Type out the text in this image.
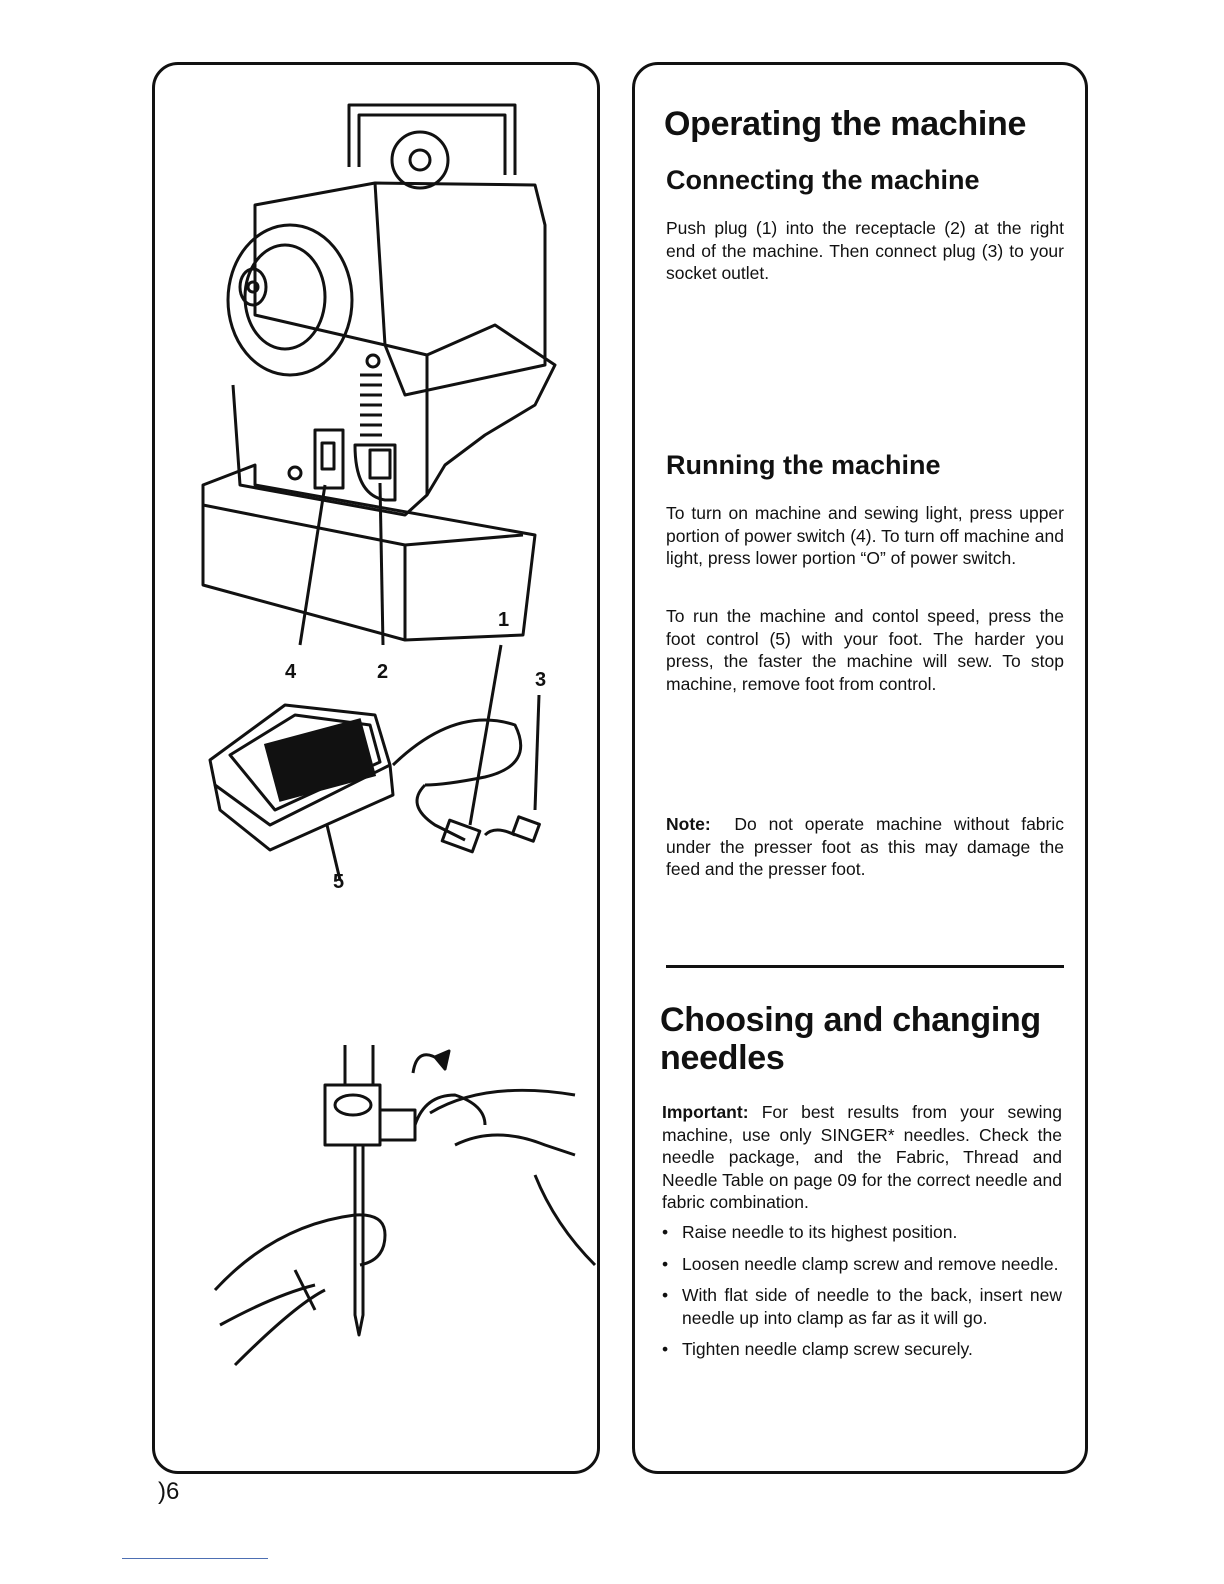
1
2	3
4
5
Operating the machine
Connecting the machine

Push plug (1) into the receptacle (2) at the right end of the machine. Then connect plug (3) to your socket outlet.

Running the machine

To turn on machine and sewing light, press upper portion of power switch (4). To turn off machine and light, press lower portion “O” of power switch.

To run the machine and contol speed, press the foot control (5) with your foot. The harder you press, the faster the machine will sew. To stop machine, remove foot from control.

Note: Do not operate machine without fabric under the presser foot as this may damage the feed and the presser foot.

Choosing and changing needles

Important: For best results from your sewing machine, use only SINGER* needles. Check the needle package, and the Fabric, Thread and Needle Table on page 09 for the correct needle and fabric combination.

• Raise needle to its highest position.
• Loosen needle clamp screw and remove needle.
• With flat side of needle to the back, insert new needle up into clamp as far as it will go.
• Tighten needle clamp screw securely.
)6
